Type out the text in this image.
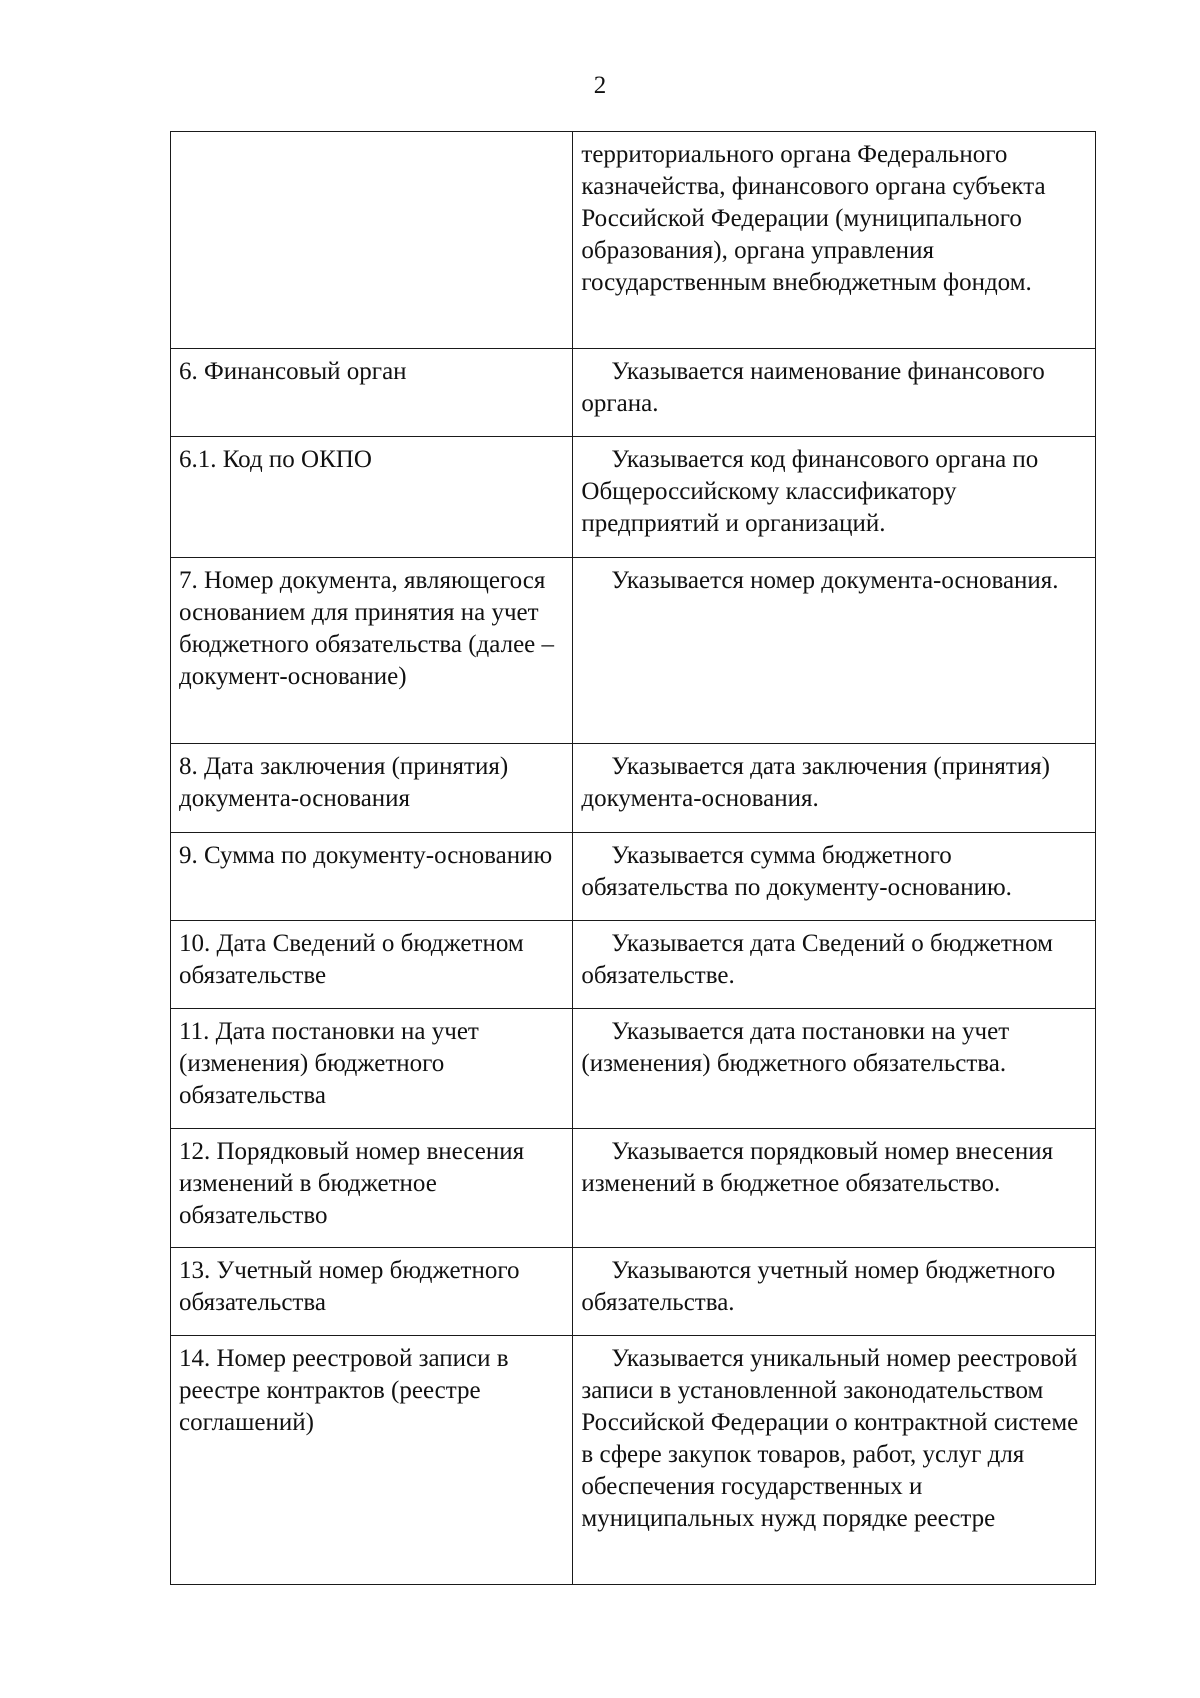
2

	территориального органа Федерального казначейства, финансового органа субъекта Российской Федерации (муниципального образования), органа управления государственным внебюджетным фондом.

6. Финансовый орган	Указывается наименование финансового органа.

6.1. Код по ОКПО	Указывается код финансового органа по Общероссийскому классификатору предприятий и организаций.

7. Номер документа, являющегося основанием для принятия на учет бюджетного обязательства (далее – документ-основание)	Указывается номер документа-основания.

8. Дата заключения (принятия) документа-основания	Указывается дата заключения (принятия) документа-основания.

9. Сумма по документу-основанию	Указывается сумма бюджетного обязательства по документу-основанию.

10. Дата Сведений о бюджетном обязательстве	Указывается дата Сведений о бюджетном обязательстве.

11. Дата постановки на учет (изменения) бюджетного обязательства	Указывается дата постановки на учет (изменения) бюджетного обязательства.

12. Порядковый номер внесения изменений в бюджетное обязательство	Указывается порядковый номер внесения изменений в бюджетное обязательство.

13. Учетный номер бюджетного обязательства	Указываются учетный номер бюджетного обязательства.

14. Номер реестровой записи в реестре контрактов (реестре соглашений)	Указывается уникальный номер реестровой записи в установленной законодательством Российской Федерации о контрактной системе в сфере закупок товаров, работ, услуг для обеспечения государственных и муниципальных нужд порядке реестре
